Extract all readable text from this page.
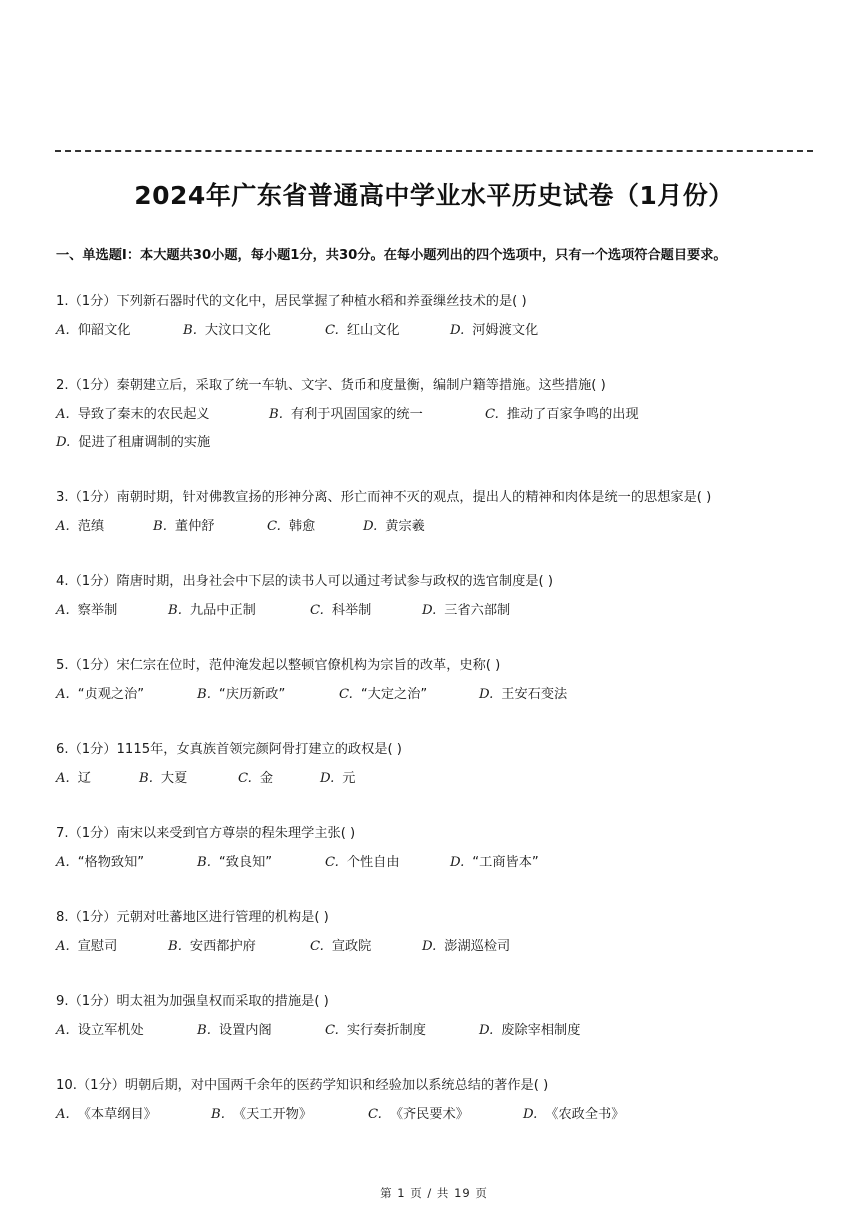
2024年广东省普通高中学业水平历史试卷（1月份）
一、单选题Ⅰ：本大题共30小题，每小题1分，共30分。在每小题列出的四个选项中，只有一个选项符合题目要求。
1.（1分）下列新石器时代的文化中，居民掌握了种植水稻和养蚕缫丝技术的是( )
A. 仰韶文化	B. 大汶口文化	C. 红山文化	D. 河姆渡文化
2.（1分）秦朝建立后，采取了统一车轨、文字、货币和度量衡，编制户籍等措施。这些措施( )
A. 导致了秦末的农民起义	B. 有利于巩固国家的统一	C. 推动了百家争鸣的出现
D. 促进了租庸调制的实施
3.（1分）南朝时期，针对佛教宣扬的形神分离、形亡而神不灭的观点，提出人的精神和肉体是统一的思想家是( )
A. 范缜	B. 董仲舒	C. 韩愈	D. 黄宗羲
4.（1分）隋唐时期，出身社会中下层的读书人可以通过考试参与政权的选官制度是( )
A. 察举制	B. 九品中正制	C. 科举制	D. 三省六部制
5.（1分）宋仁宗在位时，范仲淹发起以整顿官僚机构为宗旨的改革，史称( )
A. “贞观之治”	B. “庆历新政”	C. “大定之治”	D. 王安石变法
6.（1分）1115年，女真族首领完颜阿骨打建立的政权是( )
A. 辽	B. 大夏	C. 金	D. 元
7.（1分）南宋以来受到官方尊崇的程朱理学主张( )
A. “格物致知”	B. “致良知”	C. 个性自由	D. “工商皆本”
8.（1分）元朝对吐蕃地区进行管理的机构是( )
A. 宣慰司	B. 安西都护府	C. 宣政院	D. 澎湖巡检司
9.（1分）明太祖为加强皇权而采取的措施是( )
A. 设立军机处	B. 设置内阁	C. 实行奏折制度	D. 废除宰相制度
10.（1分）明朝后期，对中国两千余年的医药学知识和经验加以系统总结的著作是( )
A. 《本草纲目》	B. 《天工开物》	C. 《齐民要术》	D. 《农政全书》
第 1 页 / 共 19 页
